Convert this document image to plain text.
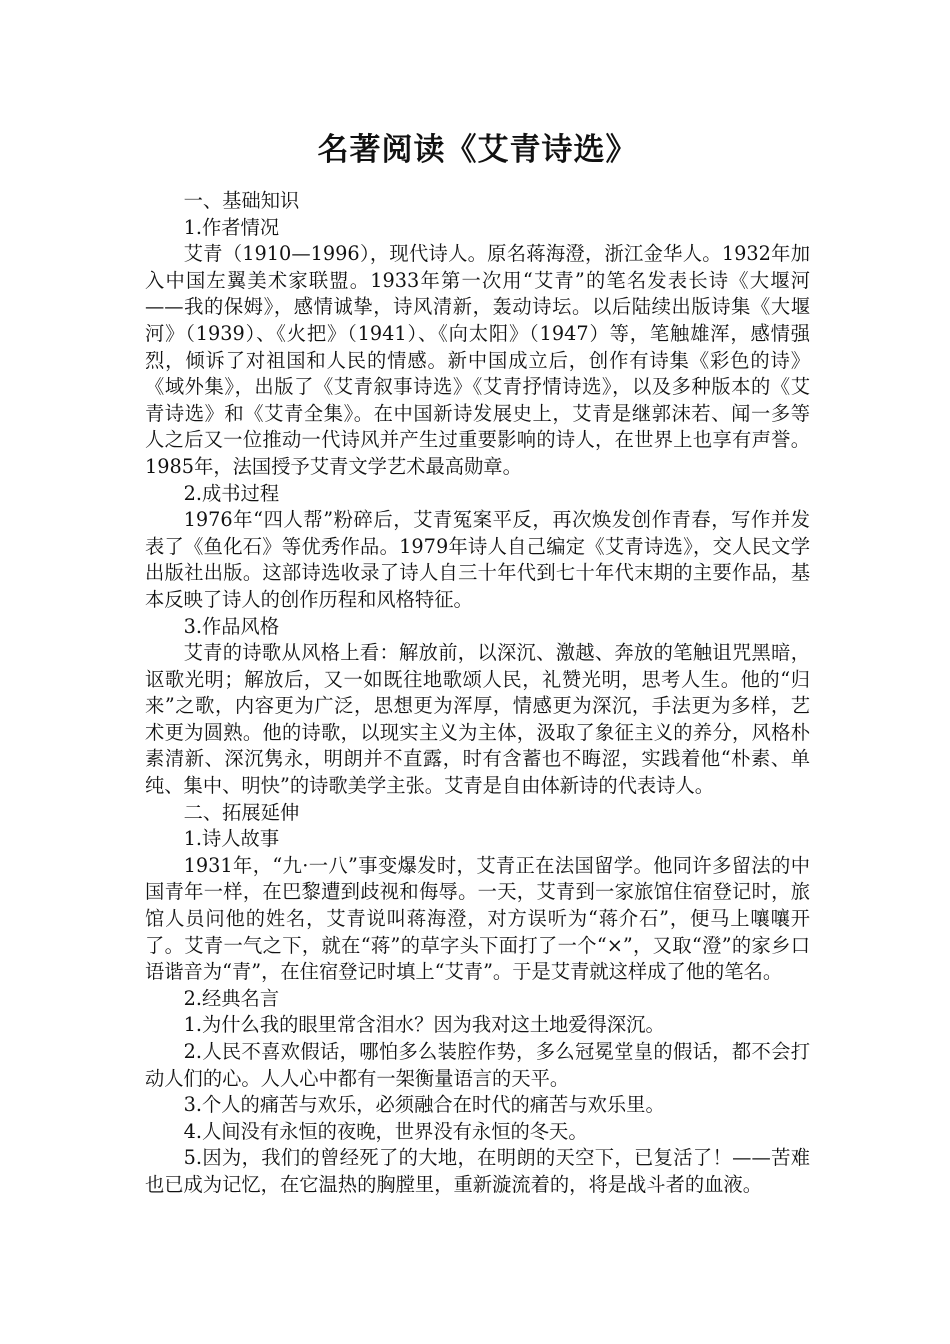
名著阅读《艾青诗选》

一、基础知识

1.作者情况

艾青（1910—1996），现代诗人。原名蒋海澄，浙江金华人。1932年加入中国左翼美术家联盟。1933年第一次用“艾青”的笔名发表长诗《大堰河——我的保姆》，感情诚挚，诗风清新，轰动诗坛。以后陆续出版诗集《大堰河》（1939）、《火把》（1941）、《向太阳》（1947）等，笔触雄浑，感情强烈，倾诉了对祖国和人民的情感。新中国成立后，创作有诗集《彩色的诗》《域外集》，出版了《艾青叙事诗选》《艾青抒情诗选》，以及多种版本的《艾青诗选》和《艾青全集》。在中国新诗发展史上，艾青是继郭沫若、闻一多等人之后又一位推动一代诗风并产生过重要影响的诗人，在世界上也享有声誉。1985年，法国授予艾青文学艺术最高勋章。

2.成书过程

1976年“四人帮”粉碎后，艾青冤案平反，再次焕发创作青春，写作并发表了《鱼化石》等优秀作品。1979年诗人自己编定《艾青诗选》，交人民文学出版社出版。这部诗选收录了诗人自三十年代到七十年代末期的主要作品，基本反映了诗人的创作历程和风格特征。

3.作品风格

艾青的诗歌从风格上看：解放前，以深沉、激越、奔放的笔触诅咒黑暗，讴歌光明；解放后，又一如既往地歌颂人民，礼赞光明，思考人生。他的“归来”之歌，内容更为广泛，思想更为浑厚，情感更为深沉，手法更为多样，艺术更为圆熟。他的诗歌，以现实主义为主体，汲取了象征主义的养分，风格朴素清新、深沉隽永，明朗并不直露，时有含蓄也不晦涩，实践着他“朴素、单纯、集中、明快”的诗歌美学主张。艾青是自由体新诗的代表诗人。

二、拓展延伸

1.诗人故事

1931年，“九·一八”事变爆发时，艾青正在法国留学。他同许多留法的中国青年一样，在巴黎遭到歧视和侮辱。一天，艾青到一家旅馆住宿登记时，旅馆人员问他的姓名，艾青说叫蒋海澄，对方误听为“蒋介石”，便马上嚷嚷开了。艾青一气之下，就在“蒋”的草字头下面打了一个“×”，又取“澄”的家乡口语谐音为“青”，在住宿登记时填上“艾青”。于是艾青就这样成了他的笔名。

2.经典名言

1.为什么我的眼里常含泪水？因为我对这土地爱得深沉。

2.人民不喜欢假话，哪怕多么装腔作势，多么冠冕堂皇的假话，都不会打动人们的心。人人心中都有一架衡量语言的天平。

3.个人的痛苦与欢乐，必须融合在时代的痛苦与欢乐里。

4.人间没有永恒的夜晚，世界没有永恒的冬天。

5.因为，我们的曾经死了的大地，在明朗的天空下，已复活了！——苦难也已成为记忆，在它温热的胸膛里，重新漩流着的，将是战斗者的血液。
